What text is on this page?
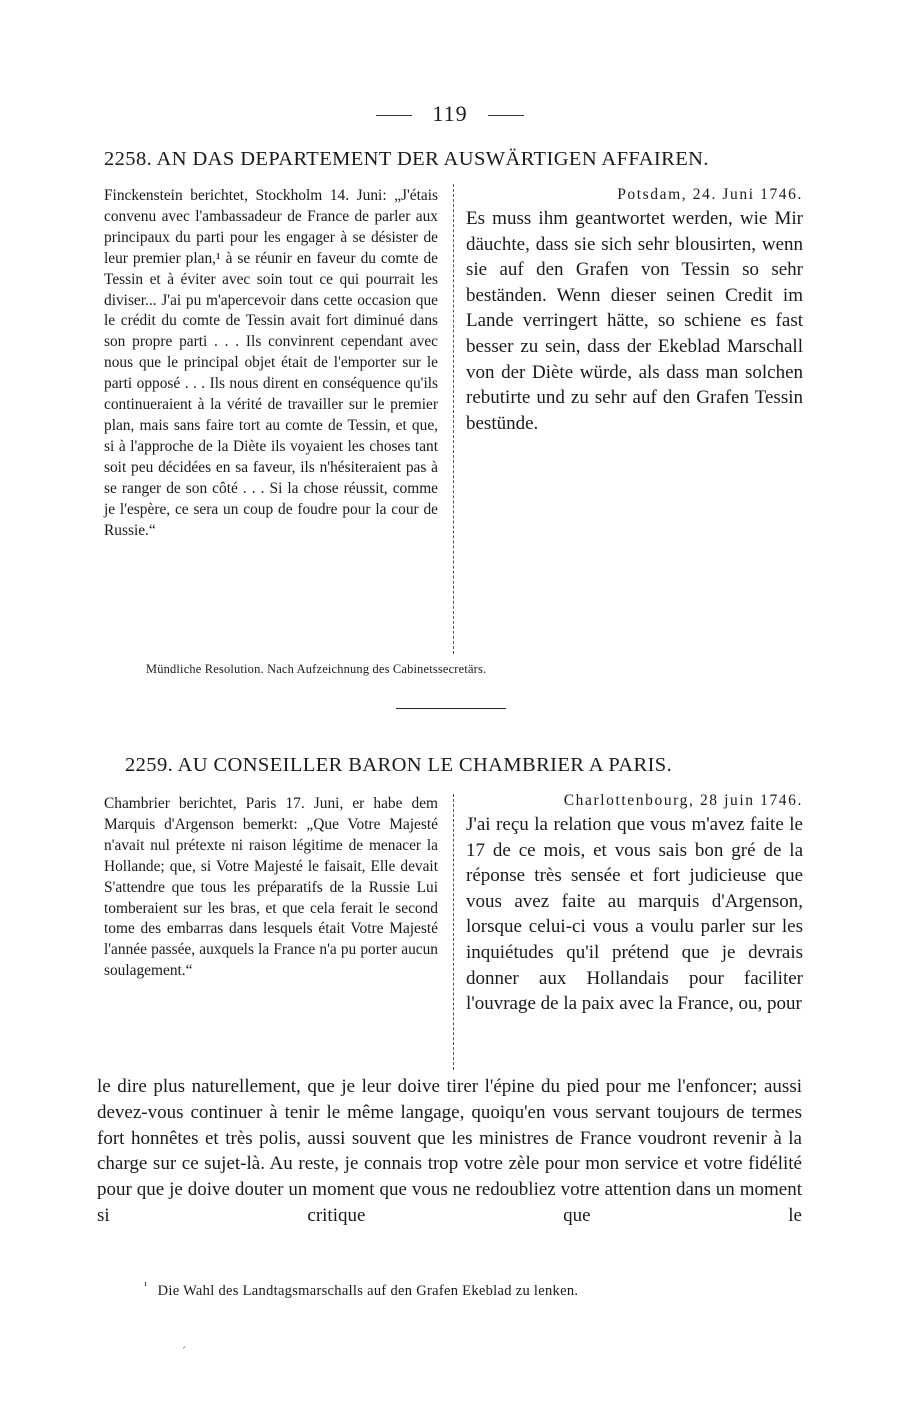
119
2258. AN DAS DEPARTEMENT DER AUSWÄRTIGEN AFFAIREN.

Finckenstein berichtet, Stockholm 14. Juni: „J'étais convenu avec l'ambassadeur de France de parler aux principaux du parti pour les engager à se désister de leur premier plan,¹ à se réunir en faveur du comte de Tessin et à éviter avec soin tout ce qui pourrait les diviser... J'ai pu m'apercevoir dans cette occasion que le crédit du comte de Tessin avait fort diminué dans son propre parti . . . Ils convinrent cependant avec nous que le principal objet était de l'emporter sur le parti opposé . . . Ils nous dirent en conséquence qu'ils continueraient à la vérité de travailler sur le premier plan, mais sans faire tort au comte de Tessin, et que, si à l'approche de la Diète ils voyaient les choses tant soit peu décidées en sa faveur, ils n'hésiteraient pas à se ranger de son côté . . . Si la chose réussit, comme je l'espère, ce sera un coup de foudre pour la cour de Russie.“

Potsdam, 24. Juni 1746.

Es muss ihm geantwortet werden, wie Mir däuchte, dass sie sich sehr blousirten, wenn sie auf den Grafen von Tessin so sehr beständen. Wenn dieser seinen Credit im Lande verringert hätte, so schiene es fast besser zu sein, dass der Ekeblad Marschall von der Diète würde, als dass man solchen rebutirte und zu sehr auf den Grafen Tessin bestünde.

Mündliche Resolution. Nach Aufzeichnung des Cabinetssecretärs.
2259. AU CONSEILLER BARON LE CHAMBRIER A PARIS.

Chambrier berichtet, Paris 17. Juni, er habe dem Marquis d'Argenson bemerkt: „Que Votre Majesté n'avait nul prétexte ni raison légitime de menacer la Hollande; que, si Votre Majesté le faisait, Elle devait S'attendre que tous les préparatifs de la Russie Lui tomberaient sur les bras, et que cela ferait le second tome des embarras dans lesquels était Votre Majesté l'année passée, auxquels la France n'a pu porter aucun soulagement.“

Charlottenbourg, 28 juin 1746.

J'ai reçu la relation que vous m'avez faite le 17 de ce mois, et vous sais bon gré de la réponse très sensée et fort judicieuse que vous avez faite au marquis d'Argenson, lorsque celui-ci vous a voulu parler sur les inquiétudes qu'il prétend que je devrais donner aux Hollandais pour faciliter l'ouvrage de la paix avec la France, ou, pour

le dire plus naturellement, que je leur doive tirer l'épine du pied pour me l'enfoncer; aussi devez-vous continuer à tenir le même langage, quoiqu'en vous servant toujours de termes fort honnêtes et très polis, aussi souvent que les ministres de France voudront revenir à la charge sur ce sujet-là. Au reste, je connais trop votre zèle pour mon service et votre fidélité pour que je doive douter un moment que vous ne redoubliez votre attention dans un moment si critique que le

$^{^1}$ Die Wahl des Landtagsmarschalls auf den Grafen Ekeblad zu lenken.
´
